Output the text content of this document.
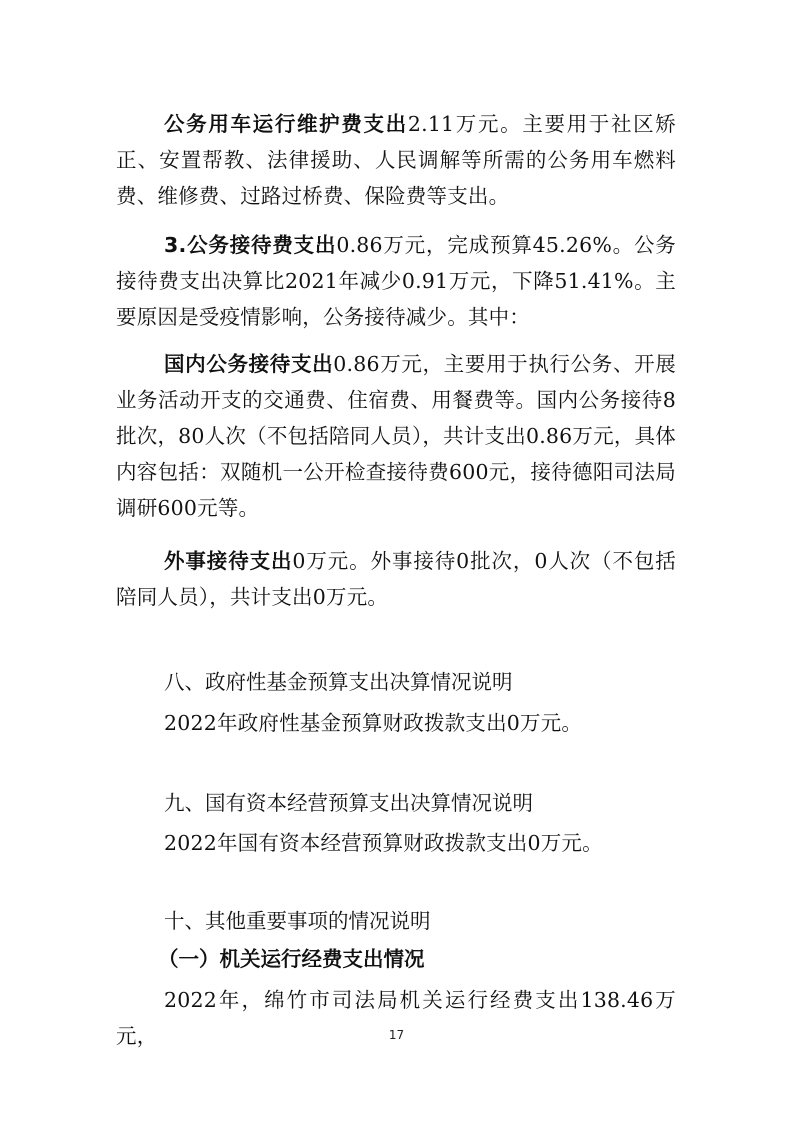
公务用车运行维护费支出2.11万元。主要用于社区矫正、安置帮教、法律援助、人民调解等所需的公务用车燃料费、维修费、过路过桥费、保险费等支出。

3.公务接待费支出0.86万元，完成预算45.26%。公务接待费支出决算比2021年减少0.91万元，下降51.41%。主要原因是受疫情影响，公务接待减少。其中：

国内公务接待支出0.86万元，主要用于执行公务、开展业务活动开支的交通费、住宿费、用餐费等。国内公务接待8批次，80人次（不包括陪同人员），共计支出0.86万元，具体内容包括：双随机一公开检查接待费600元，接待德阳司法局调研600元等。

外事接待支出0万元。外事接待0批次，0人次（不包括陪同人员），共计支出0万元。

八、政府性基金预算支出决算情况说明

2022年政府性基金预算财政拨款支出0万元。

九、国有资本经营预算支出决算情况说明

2022年国有资本经营预算财政拨款支出0万元。

十、其他重要事项的情况说明

（一）机关运行经费支出情况

2022年，绵竹市司法局机关运行经费支出138.46万元，	17
